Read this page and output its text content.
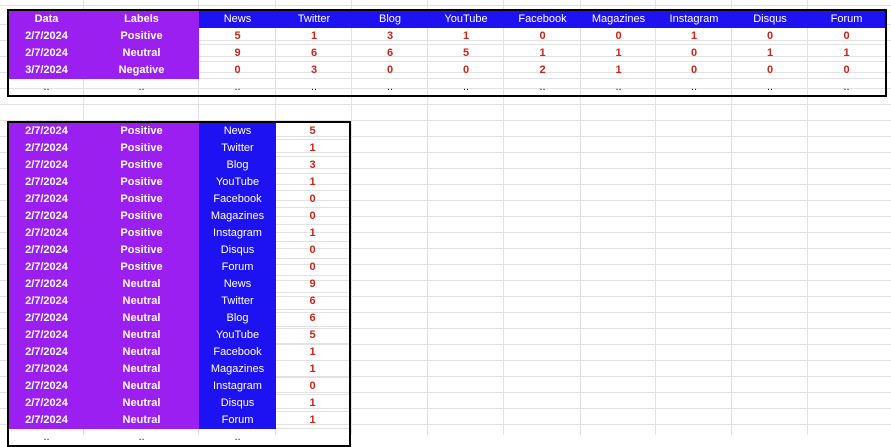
Data	Labels	News	Twitter	Blog	YouTube	Facebook	Magazines	Instagram	Disqus	Forum
2/7/2024	Positive	5	1	3	1	0	0	1	0	0
2/7/2024	Neutral	9	6	6	5	1	1	0	1	1
3/7/2024	Negative	0	3	0	0	2	1	0	0	0
..	..	..	..	..	..	..	..	..	..	..
2/7/2024	Positive	News	5
2/7/2024	Positive	Twitter	1
2/7/2024	Positive	Blog	3
2/7/2024	Positive	YouTube	1
2/7/2024	Positive	Facebook	0
2/7/2024	Positive	Magazines	0
2/7/2024	Positive	Instagram	1
2/7/2024	Positive	Disqus	0
2/7/2024	Positive	Forum	0
2/7/2024	Neutral	News	9
2/7/2024	Neutral	Twitter	6
2/7/2024	Neutral	Blog	6
2/7/2024	Neutral	YouTube	5
2/7/2024	Neutral	Facebook	1
2/7/2024	Neutral	Magazines	1
2/7/2024	Neutral	Instagram	0
2/7/2024	Neutral	Disqus	1
2/7/2024	Neutral	Forum	1
..	..	..	
